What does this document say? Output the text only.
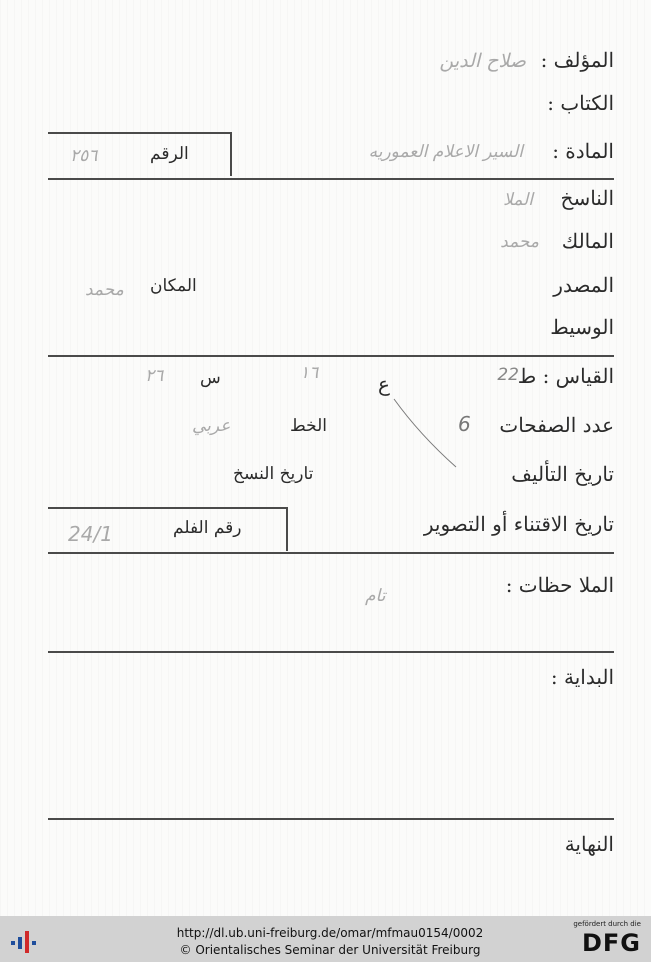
المؤلف :
صلاح الدين
الكتاب :
المادة :
السير الاعلام العموريه
الرقم
٢٥٦
الناسخ
الملا
المالك
محمد
المصدر
المكان
محمد
الوسيط
القياس : ط
22
ع
١٦
س
٢٦
عدد الصفحات
6
الخط
عربي
تاريخ التأليف
تاريخ النسخ
تاريخ الاقتناء أو التصوير
رقم الفلم
24/1
الملا حظات :
تام
البداية :
النهاية
http://dl.ub.uni-freiburg.de/omar/mfmau0154/0002
© Orientalisches Seminar der Universität Freiburg
gefördert durch die
DFG
